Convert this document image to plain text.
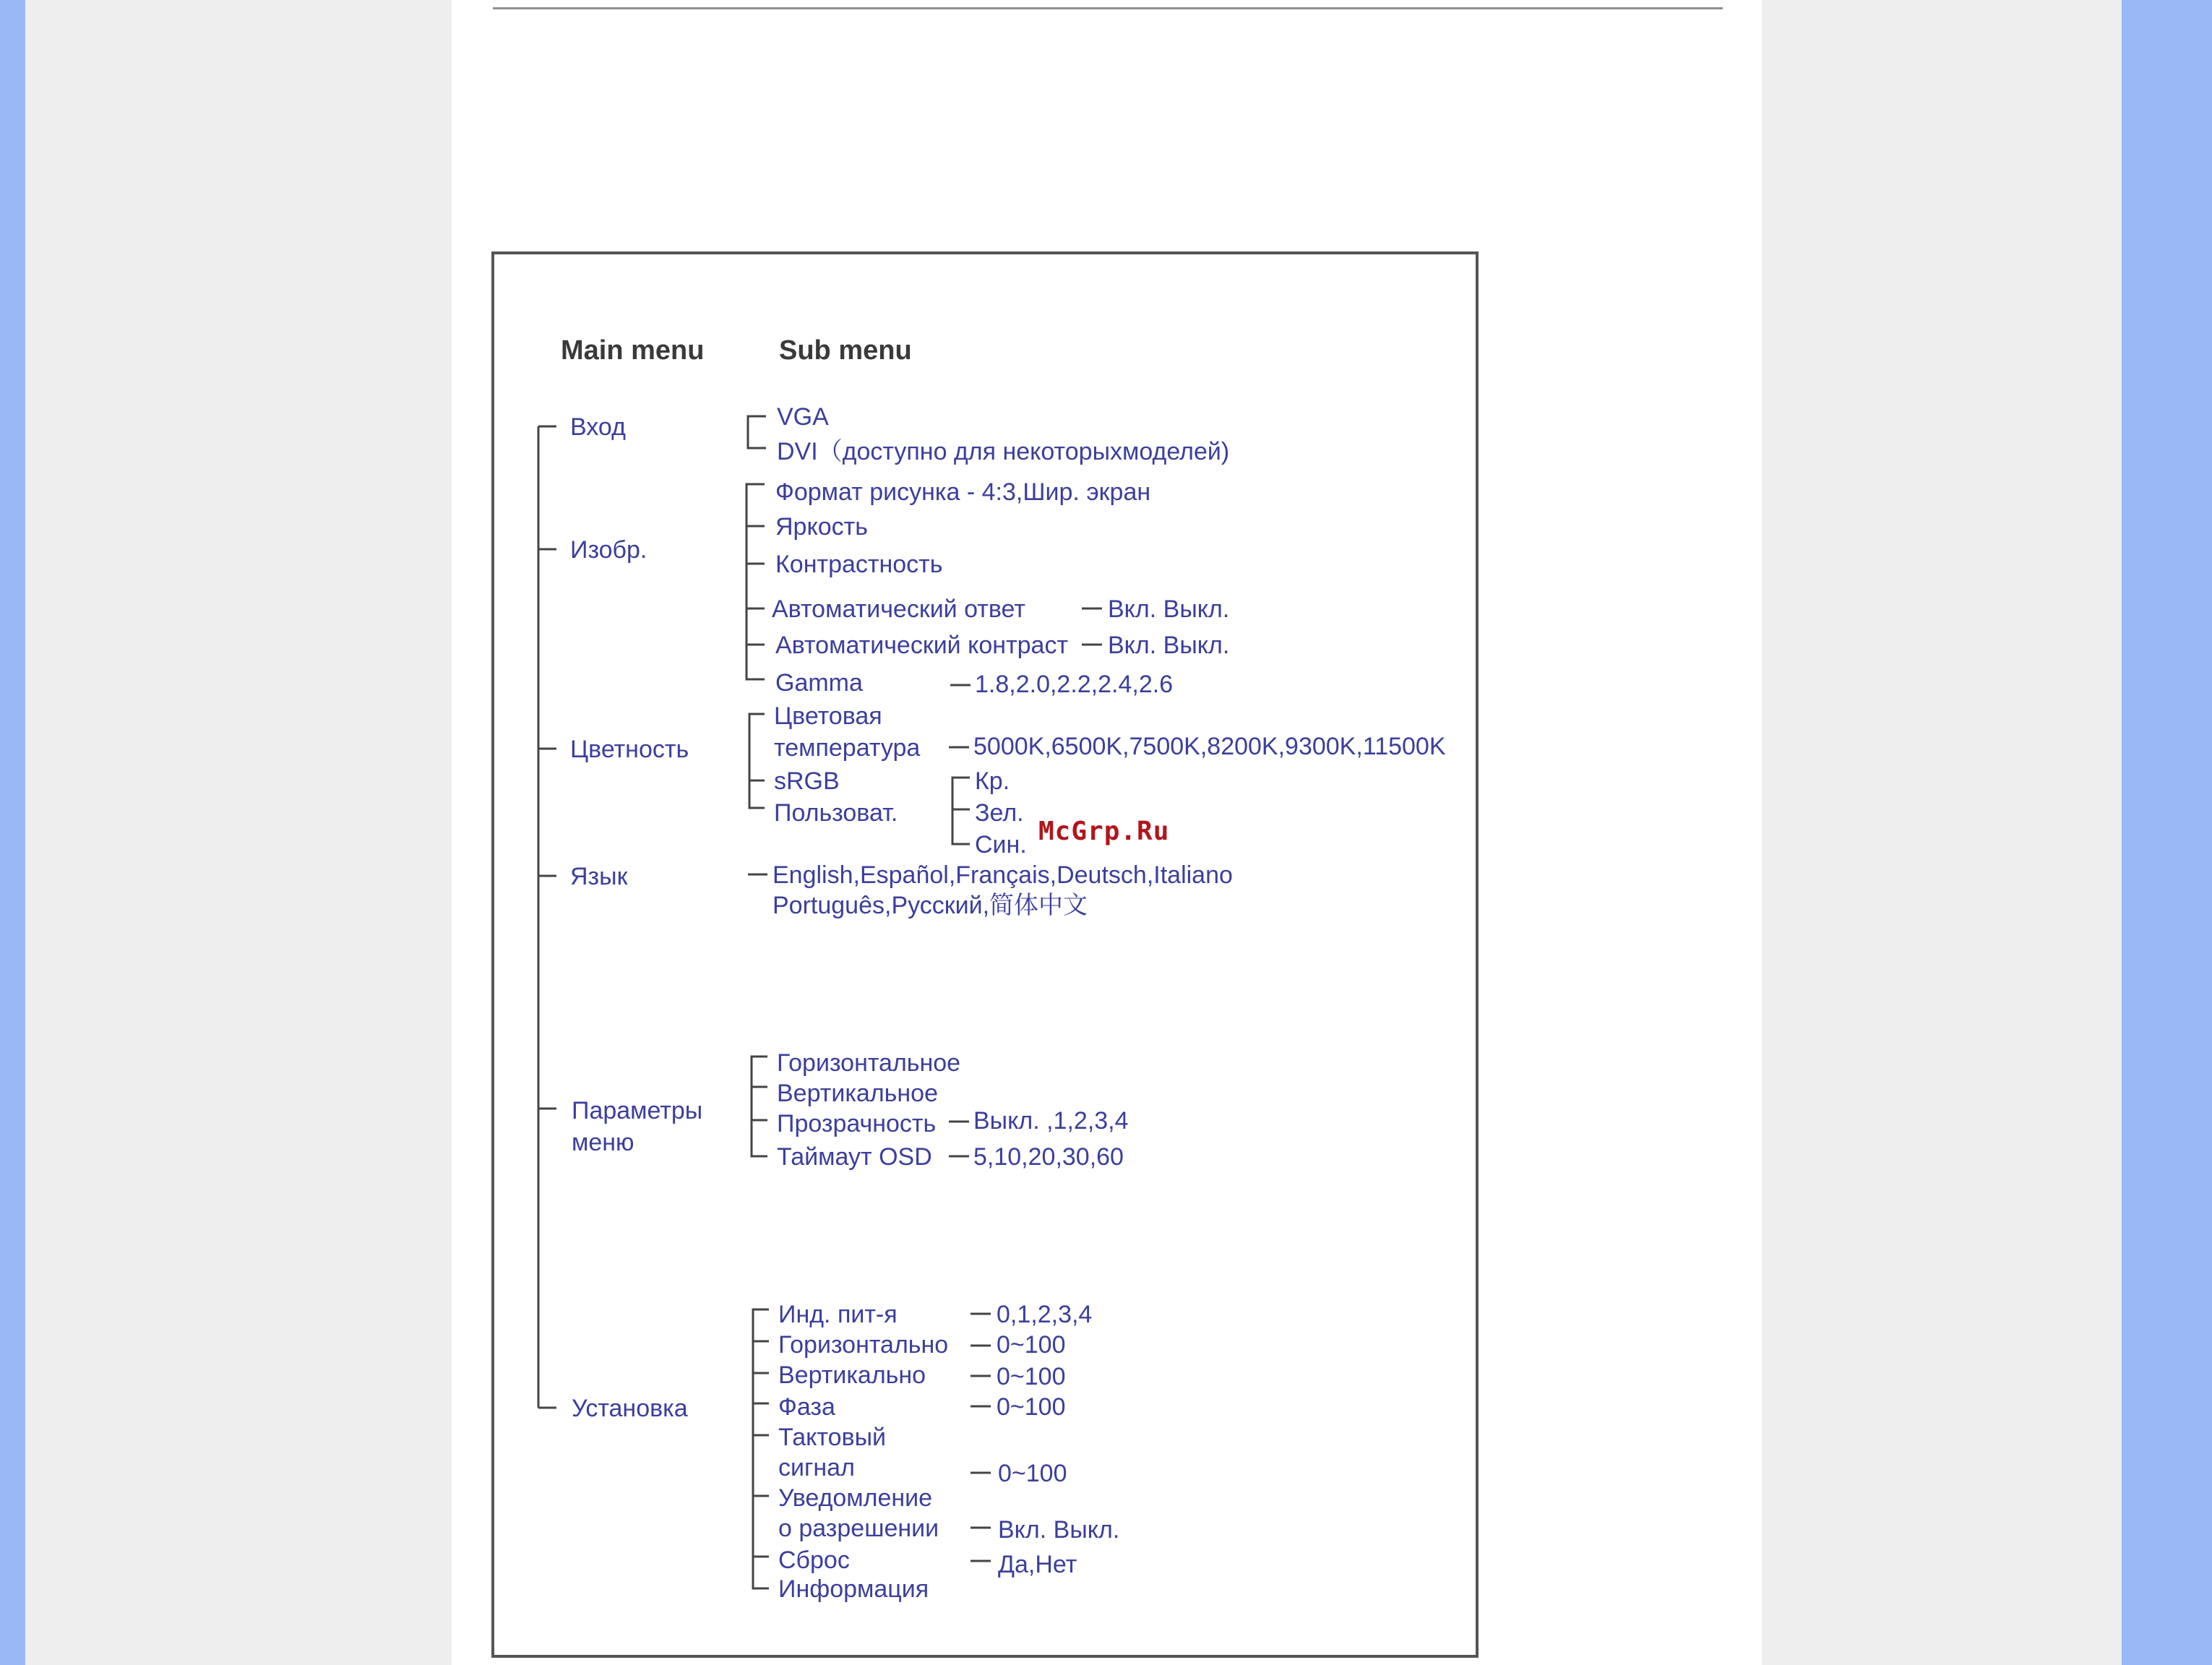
Main menu	Sub menu
Вход
Изобр.
Цветность
Язык
Параметры
меню
Установка
VGA
DVI（доступно для некоторыхмоделей)
Формат рисунка - 4:3,Шир. экран
Яркость
Контрастность
Автоматический ответ
Автоматический контраст
Gamma
Вкл. Выкл.
Вкл. Выкл.
1.8,2.0,2.2,2.4,2.6
Цветовая
температура 5000K,6500K,7500K,8200K,9300K,11500K
sRGB
Пользоват.
Кр.
Зел.
Син.
English,Español,Français,Deutsch,Italiano
Português,Русский,简体中文
Горизонтальное
Вертикальное
Прозрачность
Таймаут OSD
Выкл. ,1,2,3,4
5,10,20,30,60
Инд. пит-я
Горизонтально
Вертикально
Фаза
Тактовый
сигнал
Уведомление
о разрешении
Сброс
Информация
0,1,2,3,4
0~100
0~100
0~100
0~100
Вкл. Выкл.
Да,Нет
McGrp.Ru
